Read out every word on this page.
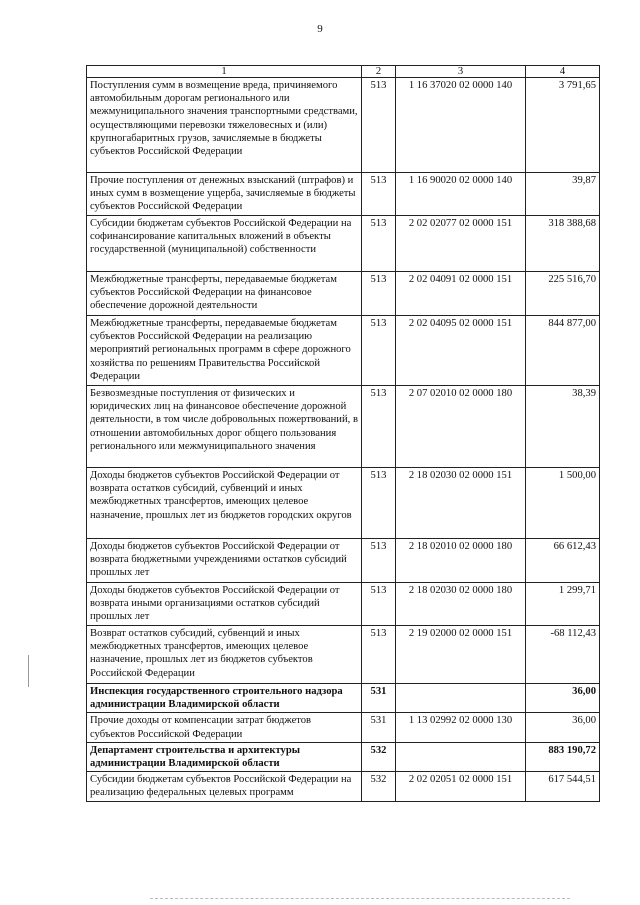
9
1	2	3	4
Поступления сумм в возмещение вреда, причиняемого автомобильным дорогам регионального или межмуниципального значения транспортными средствами, осуществляющими перевозки тяжеловесных и (или) крупногабаритных грузов, зачисляемые в бюджеты субъектов Российской Федерации	513	1 16 37020 02 0000 140	3 791,65
Прочие поступления от денежных взысканий (штрафов) и иных сумм в возмещение ущерба, зачисляемые в бюджеты субъектов Российской Федерации	513	1 16 90020 02 0000 140	39,87
Субсидии бюджетам субъектов Российской Федерации на софинансирование капитальных вложений в объекты государственной (муниципальной) собственности	513	2 02 02077 02 0000 151	318 388,68
Межбюджетные трансферты, передаваемые бюджетам субъектов Российской Федерации на финансовое обеспечение дорожной деятельности	513	2 02 04091 02 0000 151	225 516,70
Межбюджетные трансферты, передаваемые бюджетам субъектов Российской Федерации на реализацию мероприятий региональных программ в сфере дорожного хозяйства по решениям Правительства Российской Федерации	513	2 02 04095 02 0000 151	844 877,00
Безвозмездные поступления от физических и юридических лиц на финансовое обеспечение дорожной деятельности, в том числе добровольных пожертвований, в отношении автомобильных дорог общего пользования регионального или межмуниципального значения	513	2 07 02010 02 0000 180	38,39
Доходы бюджетов субъектов Российской Федерации от возврата остатков субсидий, субвенций и иных межбюджетных трансфертов, имеющих целевое назначение, прошлых лет из бюджетов городских округов	513	2 18 02030 02 0000 151	1 500,00
Доходы бюджетов субъектов Российской Федерации от возврата бюджетными учреждениями остатков субсидий прошлых лет	513	2 18 02010 02 0000 180	66 612,43
Доходы бюджетов субъектов Российской Федерации от возврата иными организациями остатков субсидий прошлых лет	513	2 18 02030 02 0000 180	1 299,71
Возврат остатков субсидий, субвенций и иных межбюджетных трансфертов, имеющих целевое назначение, прошлых лет из бюджетов субъектов Российской Федерации	513	2 19 02000 02 0000 151	-68 112,43
Инспекция государственного строительного надзора администрации Владимирской области	531		36,00
Прочие доходы от компенсации затрат бюджетов субъектов Российской Федерации	531	1 13 02992 02 0000 130	36,00
Департамент строительства и архитектуры администрации Владимирской области	532		883 190,72
Субсидии бюджетам субъектов Российской Федерации на реализацию федеральных целевых программ	532	2 02 02051 02 0000 151	617 544,51
